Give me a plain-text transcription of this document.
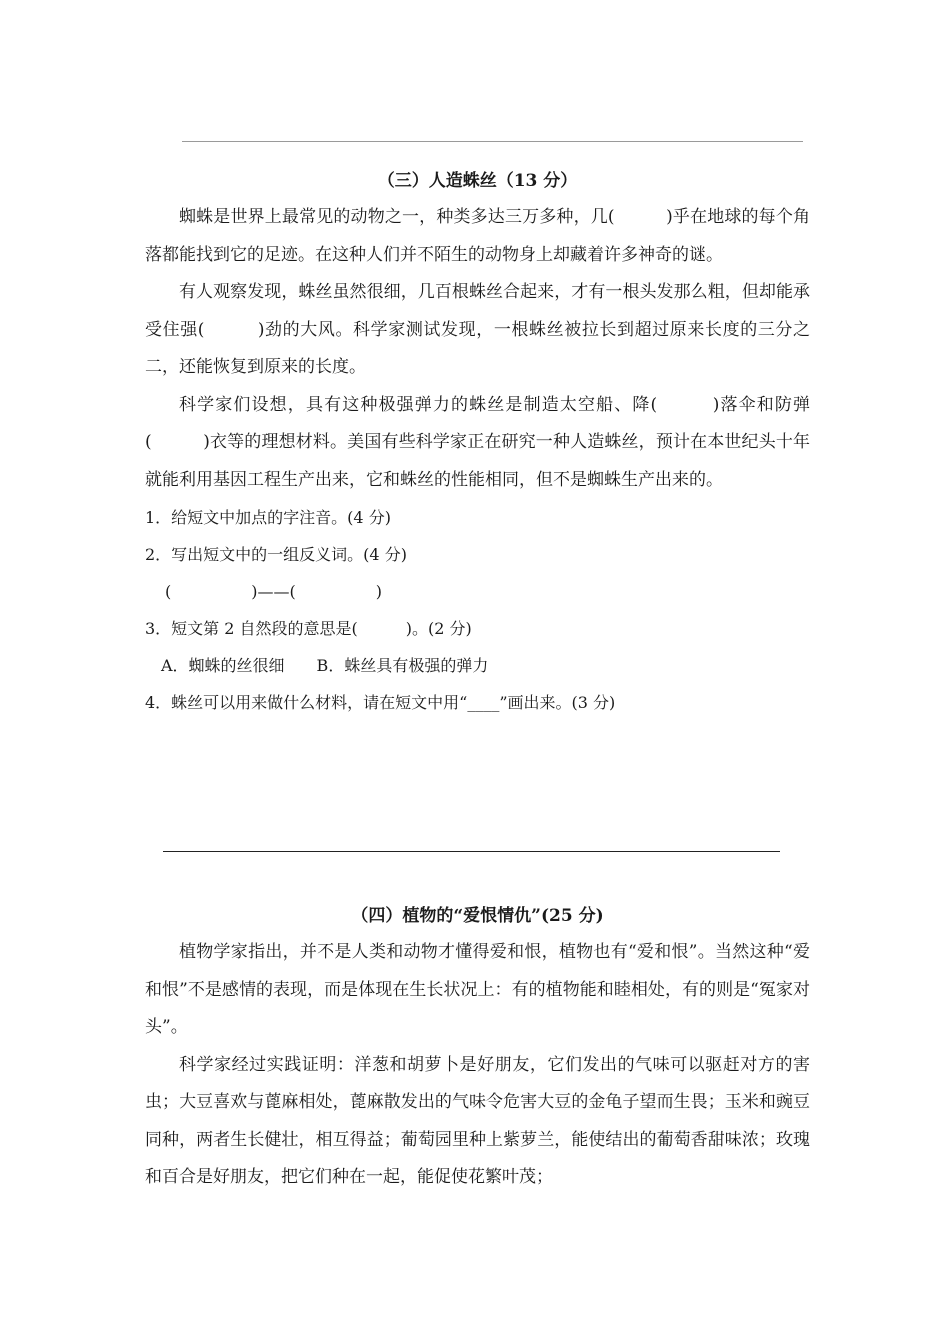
（三）人造蛛丝（13 分）

蜘蛛是世界上最常见的动物之一，种类多达三万多种，几(　　　)乎在地球的每个角落都能找到它的足迹。在这种人们并不陌生的动物身上却藏着许多神奇的谜。

有人观察发现，蛛丝虽然很细，几百根蛛丝合起来，才有一根头发那么粗，但却能承受住强(　　　)劲的大风。科学家测试发现，一根蛛丝被拉长到超过原来长度的三分之二，还能恢复到原来的长度。

科学家们设想，具有这种极强弹力的蛛丝是制造太空船、降(　　　)落伞和防弹(　　　)衣等的理想材料。美国有些科学家正在研究一种人造蛛丝，预计在本世纪头十年就能利用基因工程生产出来，它和蛛丝的性能相同，但不是蜘蛛生产出来的。

1．给短文中加点的字注音。(4 分)

2．写出短文中的一组反义词。(4 分)

(　　　　　)——(　　　　　)

3．短文第 2 自然段的意思是(　　　)。(2 分)

A．蜘蛛的丝很细　　B．蛛丝具有极强的弹力

4．蛛丝可以用来做什么材料，请在短文中用“____”画出来。(3 分)

（四）植物的“爱恨情仇”(25 分)

植物学家指出，并不是人类和动物才懂得爱和恨，植物也有“爱和恨”。当然这种“爱和恨”不是感情的表现，而是体现在生长状况上：有的植物能和睦相处，有的则是“冤家对头”。

科学家经过实践证明：洋葱和胡萝卜是好朋友，它们发出的气味可以驱赶对方的害虫；大豆喜欢与蓖麻相处，蓖麻散发出的气味令危害大豆的金龟子望而生畏；玉米和豌豆同种，两者生长健壮，相互得益；葡萄园里种上紫萝兰，能使结出的葡萄香甜味浓；玫瑰和百合是好朋友，把它们种在一起，能促使花繁叶茂；
